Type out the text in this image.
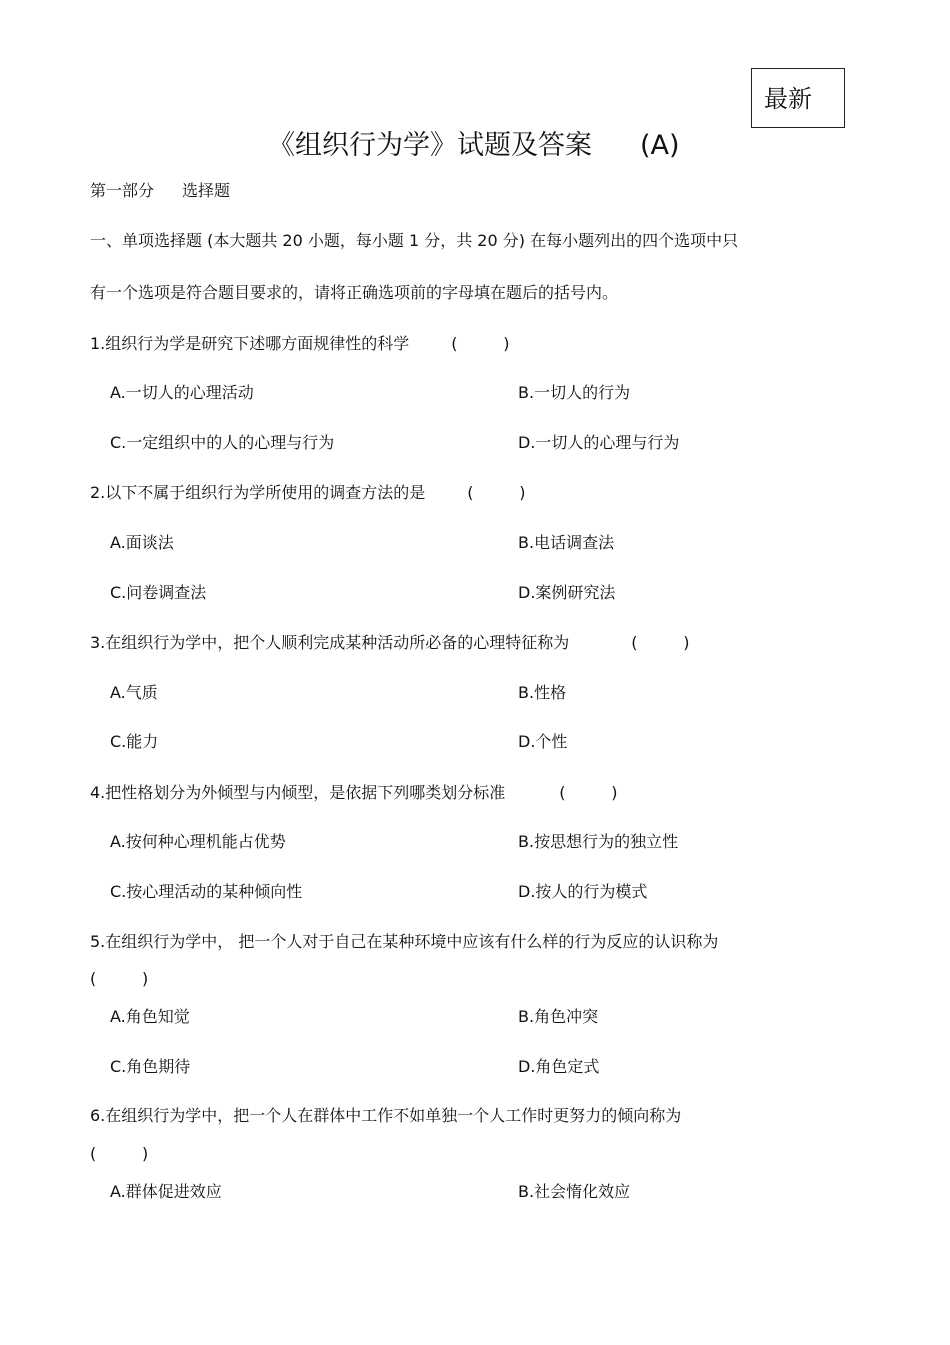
最新
《组织行为学》试题及答案 (A)
第一部分 选择题
一、单项选择题 (本大题共 20 小题，每小题 1 分，共 20 分) 在每小题列出的四个选项中只
有一个选项是符合题目要求的，请将正确选项前的字母填在题后的括号内。
1.组织行为学是研究下述哪方面规律性的科学	(	)
A.一切人的心理活动	B.一切人的行为
C.一定组织中的人的心理与行为	D.一切人的心理与行为
2.以下不属于组织行为学所使用的调查方法的是	(	)
A.面谈法	B.电话调查法
C.问卷调查法	D.案例研究法
3.在组织行为学中，把个人顺利完成某种活动所必备的心理特征称为	(	)
A.气质	B.性格
C.能力	D.个性
4.把性格划分为外倾型与内倾型，是依据下列哪类划分标准	(	)
A.按何种心理机能占优势	B.按思想行为的独立性
C.按心理活动的某种倾向性	D.按人的行为模式
5.在组织行为学中， 把一个人对于自己在某种环境中应该有什么样的行为反应的认识称为
(	)
A.角色知觉	B.角色冲突
C.角色期待	D.角色定式
6.在组织行为学中，把一个人在群体中工作不如单独一个人工作时更努力的倾向称为
(	)
A.群体促进效应	B.社会惰化效应
